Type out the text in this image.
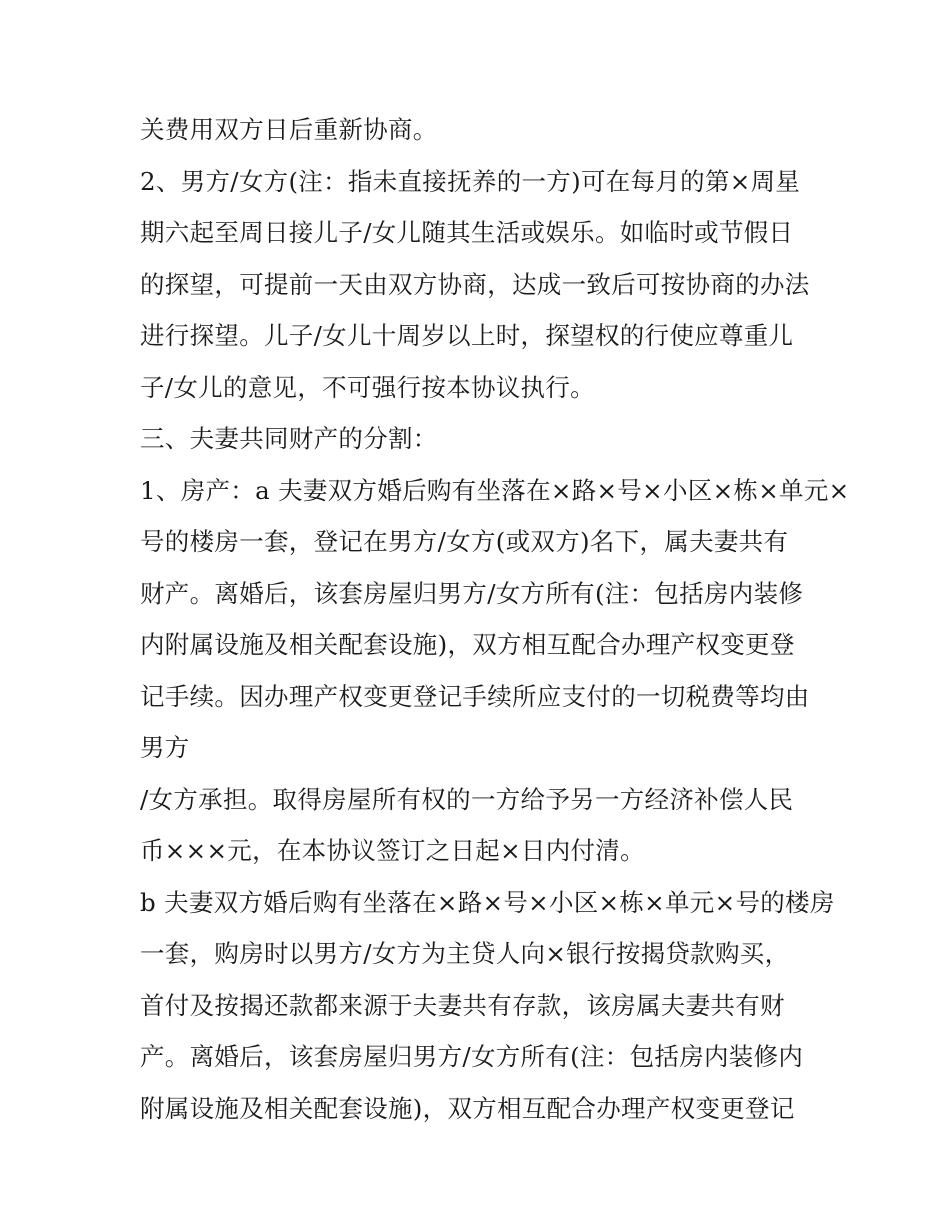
关费用双方日后重新协商。
2、男方/女方(注：指未直接抚养的一方)可在每月的第×周星
期六起至周日接儿子/女儿随其生活或娱乐。如临时或节假日
的探望，可提前一天由双方协商，达成一致后可按协商的办法
进行探望。儿子/女儿十周岁以上时，探望权的行使应尊重儿
子/女儿的意见，不可强行按本协议执行。
三、夫妻共同财产的分割：
1、房产：a 夫妻双方婚后购有坐落在×路×号×小区×栋×单元×
号的楼房一套，登记在男方/女方(或双方)名下，属夫妻共有
财产。离婚后，该套房屋归男方/女方所有(注：包括房内装修
内附属设施及相关配套设施)，双方相互配合办理产权变更登
记手续。因办理产权变更登记手续所应支付的一切税费等均由
男方
/女方承担。取得房屋所有权的一方给予另一方经济补偿人民
币×××元，在本协议签订之日起×日内付清。
b 夫妻双方婚后购有坐落在×路×号×小区×栋×单元×号的楼房
一套，购房时以男方/女方为主贷人向×银行按揭贷款购买，
首付及按揭还款都来源于夫妻共有存款，该房属夫妻共有财
产。离婚后，该套房屋归男方/女方所有(注：包括房内装修内
附属设施及相关配套设施)，双方相互配合办理产权变更登记
